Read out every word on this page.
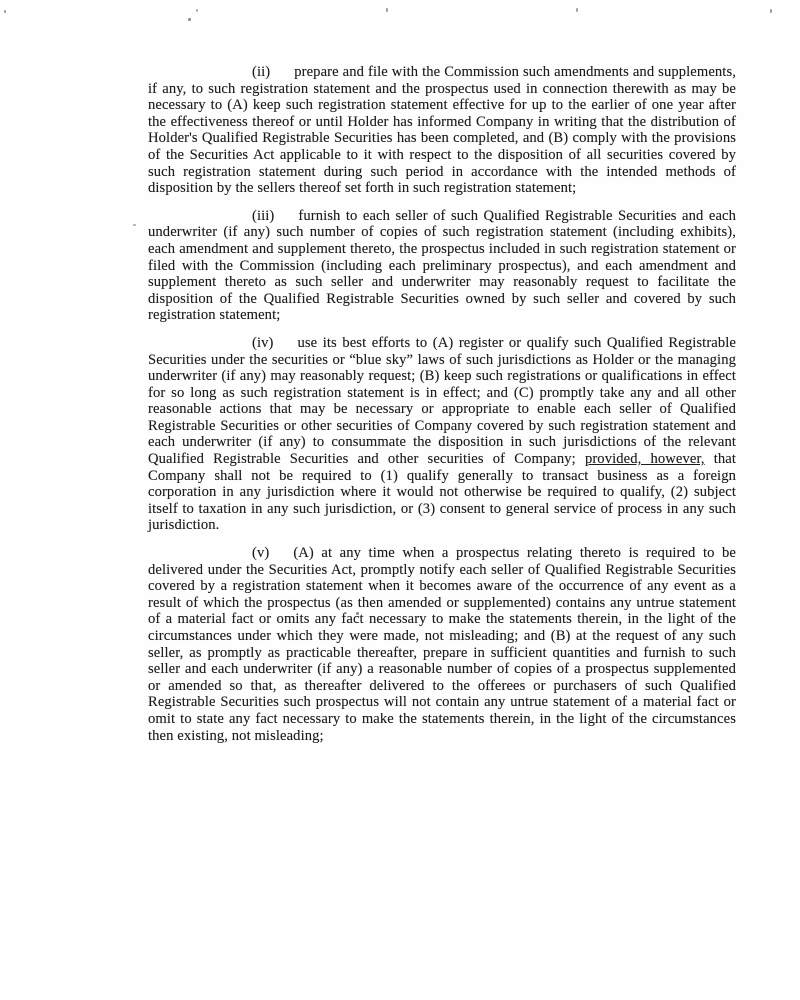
(ii) prepare and file with the Commission such amendments and supplements, if any, to such registration statement and the prospectus used in connection therewith as may be necessary to (A) keep such registration statement effective for up to the earlier of one year after the effectiveness thereof or until Holder has informed Company in writing that the distribution of Holder's Qualified Registrable Securities has been completed, and (B) comply with the provisions of the Securities Act applicable to it with respect to the disposition of all securities covered by such registration statement during such period in accordance with the intended methods of disposition by the sellers thereof set forth in such registration statement;

(iii) furnish to each seller of such Qualified Registrable Securities and each underwriter (if any) such number of copies of such registration statement (including exhibits), each amendment and supplement thereto, the prospectus included in such registration statement or filed with the Commission (including each preliminary prospectus), and each amendment and supplement thereto as such seller and underwriter may reasonably request to facilitate the disposition of the Qualified Registrable Securities owned by such seller and covered by such registration statement;

(iv) use its best efforts to (A) register or qualify such Qualified Registrable Securities under the securities or “blue sky” laws of such jurisdictions as Holder or the managing underwriter (if any) may reasonably request; (B) keep such registrations or qualifications in effect for so long as such registration statement is in effect; and (C) promptly take any and all other reasonable actions that may be necessary or appropriate to enable each seller of Qualified Registrable Securities or other securities of Company covered by such registration statement and each underwriter (if any) to consummate the disposition in such jurisdictions of the relevant Qualified Registrable Securities and other securities of Company; provided, however, that Company shall not be required to (1) qualify generally to transact business as a foreign corporation in any jurisdiction where it would not otherwise be required to qualify, (2) subject itself to taxation in any such jurisdiction, or (3) consent to general service of process in any such jurisdiction.

(v) (A) at any time when a prospectus relating thereto is required to be delivered under the Securities Act, promptly notify each seller of Qualified Registrable Securities covered by a registration statement when it becomes aware of the occurrence of any event as a result of which the prospectus (as then amended or supplemented) contains any untrue statement of a material fact or omits any fact necessary to make the statements therein, in the light of the circumstances under which they were made, not misleading; and (B) at the request of any such seller, as promptly as practicable thereafter, prepare in sufficient quantities and furnish to such seller and each underwriter (if any) a reasonable number of copies of a prospectus supplemented or amended so that, as thereafter delivered to the offerees or purchasers of such Qualified Registrable Securities such prospectus will not contain any untrue statement of a material fact or omit to state any fact necessary to make the statements therein, in the light of the circumstances then existing, not misleading;
